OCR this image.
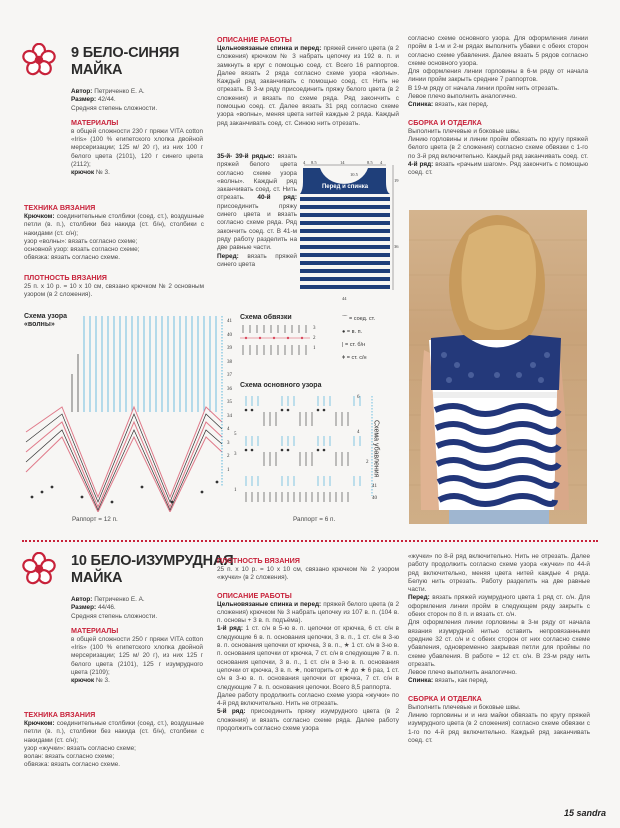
9 БЕЛО-СИНЯЯ
МАЙКА
Автор: Петриченко Е. А.
Размер: 42/44.
Средняя степень сложности.
МАТЕРИАЛЫ
в общей сложности 230 г пряжи VITA cotton «Iris» (100 % египетского хлопка двойной мерсеризации; 125 м/ 20 г), из них 100 г белого цвета (2101), 120 г синего цвета (2112);
крючок № 3.
ТЕХНИКА ВЯЗАНИЯ
Крючком: соединительные столбики (соед. ст.), воздушные петли (в. п.), столбики без накида (ст. б/н), столбики с накидами (ст. с/н);
узор «волны»: вязать согласно схеме;
основной узор: вязать согласно схеме;
обвязка: вязать согласно схеме.
ПЛОТНОСТЬ ВЯЗАНИЯ
25 п. х 10 р. = 10 х 10 см, связано крючком № 2 основным узором (в 2 сложения).
ОПИСАНИЕ РАБОТЫ
Цельновязаные спинка и перед: пряжей синего цвета (в 2 сложения) крючком № 3 набрать цепочку из 192 в. п. и замкнуть в круг с помощью соед. ст. Всего 16 раппортов. Далее вязать 2 ряда согласно схеме узора «волны». Каждый ряд заканчивать с помощью соед. ст. Нить не отрезать. В 3-м ряду присоединить пряжу белого цвета (в 2 сложения) и вязать по схеме ряда. Ряд закончить с помощью соед. ст. Далее вязать 31 ряд согласно схеме узора «волны», меняя цвета нитей каждые 2 ряда. Каждый ряд заканчивать соед. ст. Синюю нить отрезать.
35-й- 39-й рядыс: вязать пряжей белого цвета согласно схеме узора «волны». Каждый ряд заканчивать соед. ст. Нить отрезать. 40-й ряд: присоединить пряжу синего цвета и вязать согласно схеме ряда. Ряд закончить соед. ст. В 41-м ряду работу разделить на две равные части.
Перед: вязать пряжей синего цвета
4 8.5	14	8.5 4
Перед и спинка
19
36
10.5
44
согласно схеме основного узора. Для оформления линии пройм в 1-м и 2-м рядах выполнить убавки с обеих сторон согласно схеме убавления. Далее вязать 5 рядов согласно схеме основного узора.
Для оформления линии горловины в 6-м ряду от начала линии пройм закрыть средние 7 раппортов.
В 19-м ряду от начала линии пройм нить отрезать.
Левое плечо выполнить аналогично.
Спинка: вязать, как перед.
СБОРКА И ОТДЕЛКА
Выполнить плечевые и боковые швы.
Линию горловины и линии пройм обвязать по кругу пряжей белого цвета (в 2 сложения) согласно схеме обвязки с 1-го по 3-й ряд включительно. Каждый ряд заканчивать соед. ст. 4-й ряд: вязать «рачьим шагом». Ряд закончить с помощью соед. ст.
Схема узора
«волны»	41
40
39
38
37
36
35
34
4
3
2
1
Раппорт = 12 п.
Схема обвязки
3
2
1
⌒ = соед. ст.
● = в. п.
| = ст. б/н
ǂ = ст. с/н
Схема основного узора
5
3
1
6
4
2
41
40
Схема убавления
Раппорт = 6 п.
10 БЕЛО-ИЗУМРУДНАЯ
МАЙКА
Автор: Петриченко Е. А.
Размер: 44/46.
Средняя степень сложности.
МАТЕРИАЛЫ
в общей сложности 250 г пряжи VITA cotton «Iris» (100 % египетского хлопка двойной мерсеризации; 125 м/ 20 г), из них 125 г белого цвета (2101), 125 г изумрудного цвета (2109);
крючок № 3.
ТЕХНИКА ВЯЗАНИЯ
Крючком: соединительные столбики (соед. ст.), воздушные петли (в. п.), столбики без накида (ст. б/н), столбики с накидами (ст. с/н);
узор «жучки»: вязать согласно схеме;
волан: вязать согласно схеме;
обвязка: вязать согласно схеме.
ПЛОТНОСТЬ ВЯЗАНИЯ
25 п. х 10 р. = 10 х 10 см, связано крючком № 2 узором «жучки» (в 2 сложения).
ОПИСАНИЕ РАБОТЫ
Цельновязаные спинка и перед: пряжей белого цвета (в 2 сложения) крючком № 3 набрать цепочку из 107 в. п. (104 в. п. основы + 3 в. п. подъёма).
1-й ряд: 1 ст. с/н в 5-ю в. п. цепочки от крючка, 6 ст. с/н в следующие 6 в. п. основания цепочки, 3 в. п., 1 ст. с/н в 3-ю в. п. основания цепочки от крючка, 3 в. п., ★ 1 ст. с/н в 3-ю в. п. основания цепочки от крючка, 7 ст. с/н в следующие 7 в. п. основания цепочки, 3 в. п., 1 ст. с/н в 3-ю в. п. основания цепочки от крючка, 3 в. п. ★, повторить от ★ до ★ 6 раз, 1 ст. с/н в 3-ю в. п. основания цепочки от крючка, 7 ст. с/н в следующие 7 в. п. основания цепочки. Всего 8,5 раппорта.
Далее работу продолжить согласно схеме узора «жучки» по 4-й ряд включительно. Нить не отрезать.
5-й ряд: присоединить пряжу изумрудного цвета (в 2 сложения) и вязать согласно схеме ряда. Далее работу продолжить согласно схеме узора
«жучки» по 8-й ряд включительно. Нить не отрезать. Далее работу продолжить согласно схеме узора «жучки» по 44-й ряд включительно, меняя цвета нитей каждые 4 ряда. Белую нить отрезать. Работу разделить на две равные части.
Перед: вязать пряжей изумрудного цвета 1 ряд ст. с/н. Для оформления линии пройм в следующем ряду закрыть с обеих сторон по 8 п. и вязать ст. с/н.
Для оформления линии горловины в 3-м ряду от начала вязания изумрудной нитью оставить непровязанными средние 32 ст. с/н и с обеих сторон от них согласно схеме убавления, одновременно закрывая петли для проймы по схеме убавления. В работе = 12 ст. с/н. В 23-м ряду нить отрезать.
Левое плечо выполнить аналогично.
Спинка: вязать, как перед.
СБОРКА И ОТДЕЛКА
Выполнить плечевые и боковые швы.
Линию горловины и и низ майки обвязать по кругу пряжей изумрудного цвета (в 2 сложения) согласно схеме обвязки с 1-го по 4-й ряд включительно. Каждый ряд заканчивать соед. ст.
15 sandra
